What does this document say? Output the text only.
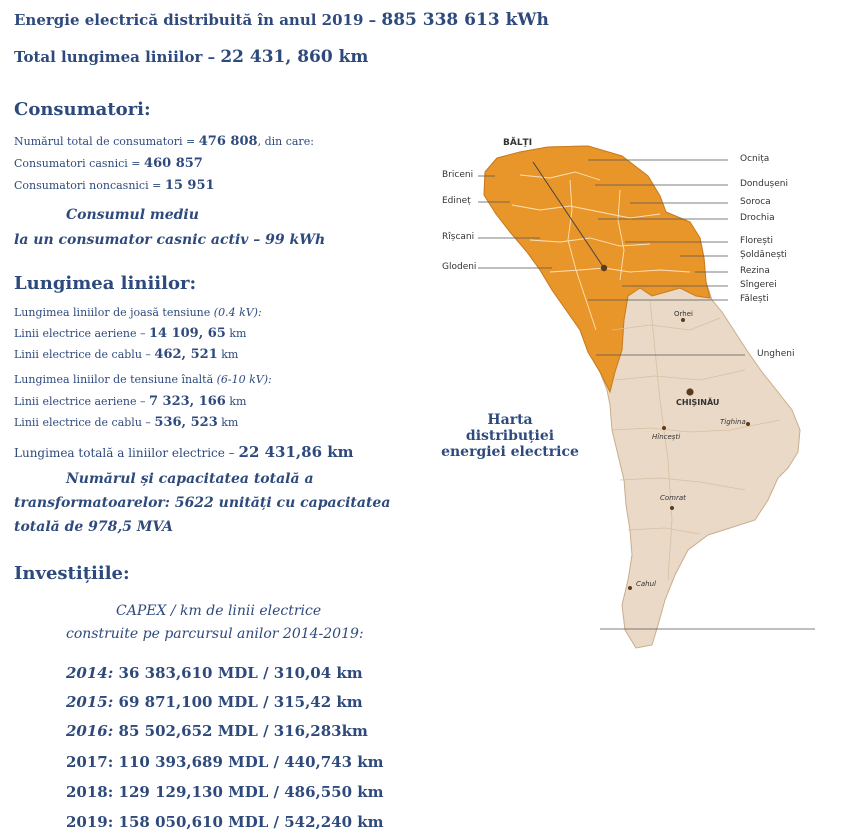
Energie electrică distribuită în anul 2019 – 885 338 613 kWh
Total lungimea liniilor – 22 431, 860 km
Consumatori:
Numărul total de consumatori = 476 808, din care:
Consumatori casnici = 460 857
Consumatori noncasnici = 15 951
Consumul mediu
la un consumator casnic activ – 99 kWh
Lungimea liniilor:
Lungimea liniilor de joasă tensiune (0.4 kV):
Linii electrice aeriene – 14 109, 65 km
Linii electrice de cablu – 462, 521 km
Lungimea liniilor de tensiune înaltă (6-10 kV):
Linii electrice aeriene – 7 323, 166 km
Linii electrice de cablu – 536, 523 km
Lungimea totală a liniilor electrice – 22 431,86 km
Numărul și capacitatea totală a
transformatoarelor: 5622 unități cu capacitatea
totală de 978,5 MVA
Investițiile:
CAPEX / km de linii electrice
construite pe parcursul anilor 2014-2019:
2014: 36 383,610 MDL / 310,04 km
2015: 69 871,100 MDL / 315,42 km
2016: 85 502,652 MDL / 316,283km
2017: 110 393,689 MDL / 440,743 km
2018: 129 129,130 MDL / 486,550 km
2019: 158 050,610 MDL / 542,240 km
BĂLȚI
Briceni
Edineț
Rîșcani
Glodeni
Ocnița
Dondușeni
Soroca
Drochia
Florești
Șoldănești
Rezina
Sîngerei
Fălești
Ungheni
Orhei
CHIȘINĂU
Tighina
Hîncești
Comrat
Cahul
Harta
distribuției
energiei electrice
